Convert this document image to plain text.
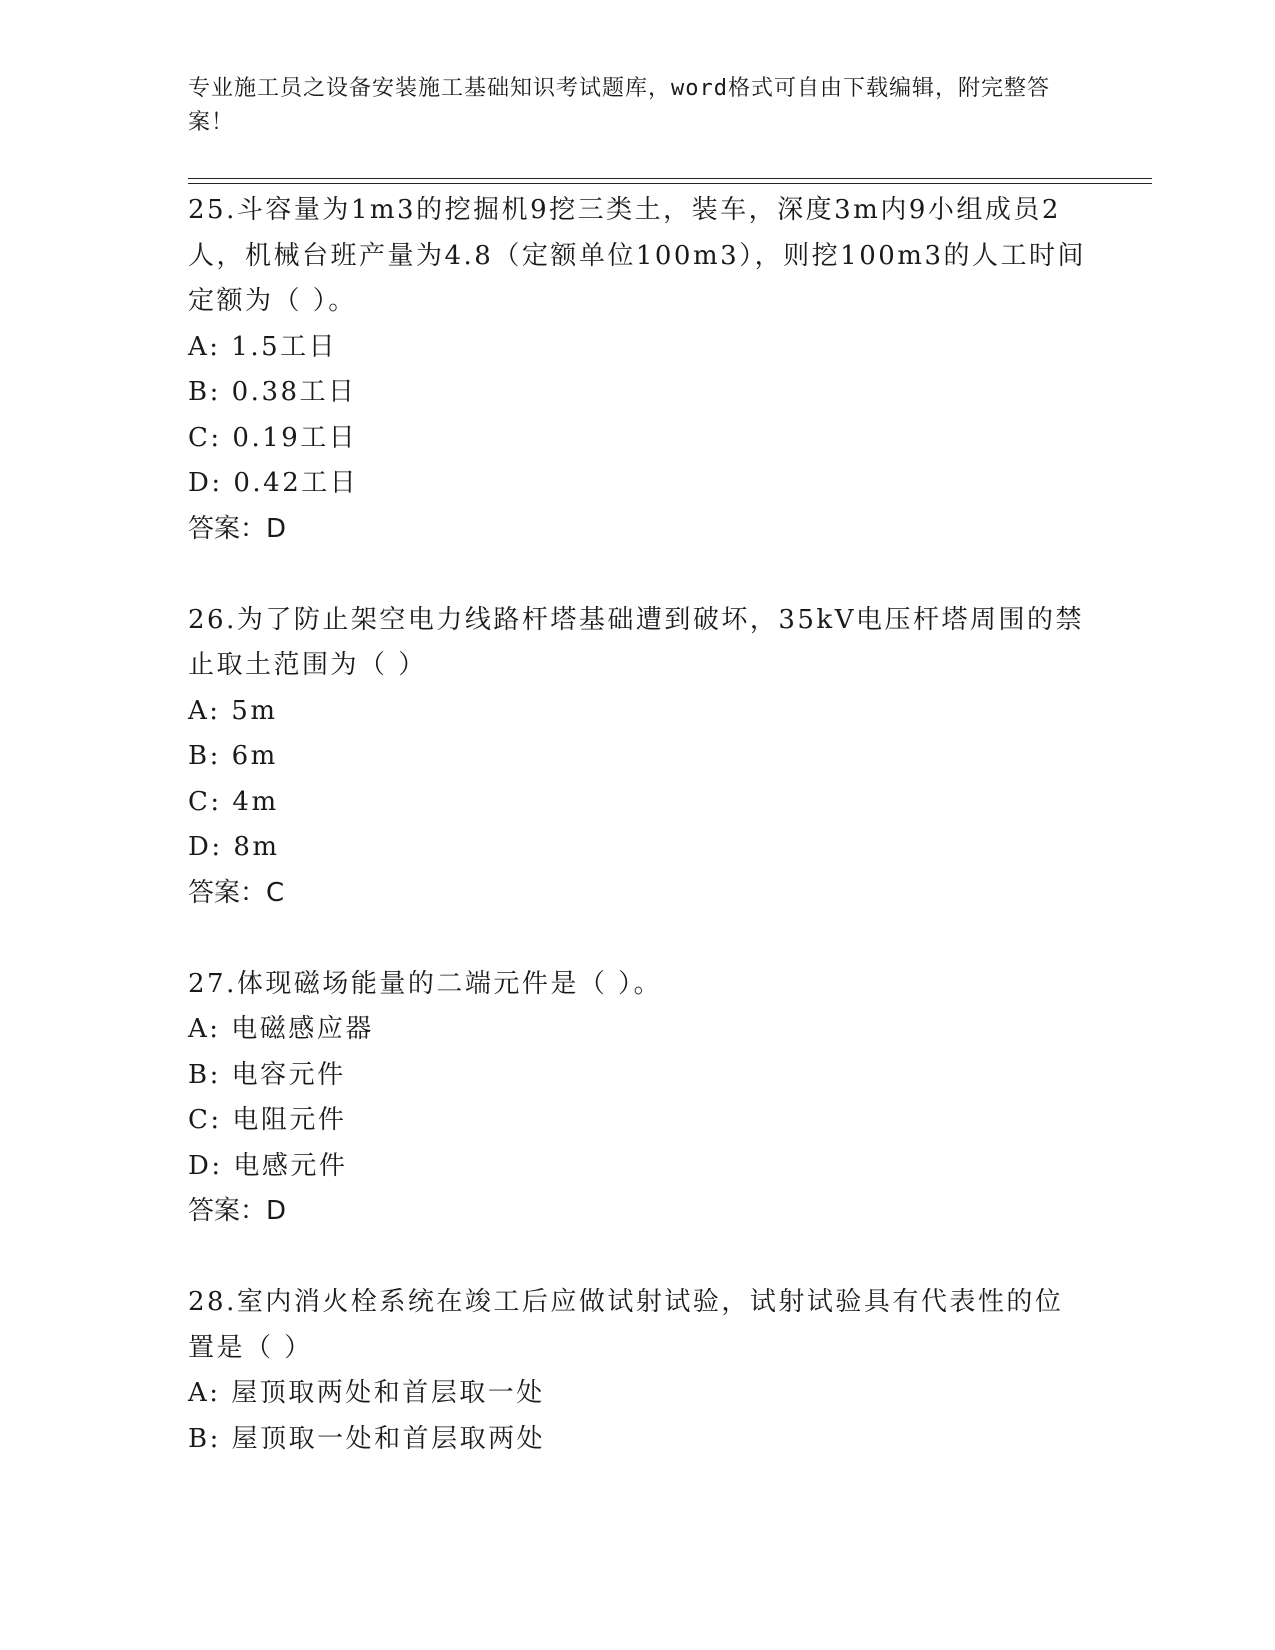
专业施工员之设备安装施工基础知识考试题库，word格式可自由下载编辑，附完整答案！

25.斗容量为1m3的挖掘机9挖三类土，装车，深度3m内9小组成员2人，机械台班产量为4.8（定额单位100m3），则挖100m3的人工时间定额为（ ）。

A: 1.5工日

B: 0.38工日

C: 0.19工日

D: 0.42工日

答案：D

26.为了防止架空电力线路杆塔基础遭到破坏，35kV电压杆塔周围的禁止取土范围为（ ）

A: 5m

B: 6m

C: 4m

D: 8m

答案：C

27.体现磁场能量的二端元件是（ ）。

A: 电磁感应器

B: 电容元件

C: 电阻元件

D: 电感元件

答案：D

28.室内消火栓系统在竣工后应做试射试验，试射试验具有代表性的位置是（ ）

A: 屋顶取两处和首层取一处

B: 屋顶取一处和首层取两处
